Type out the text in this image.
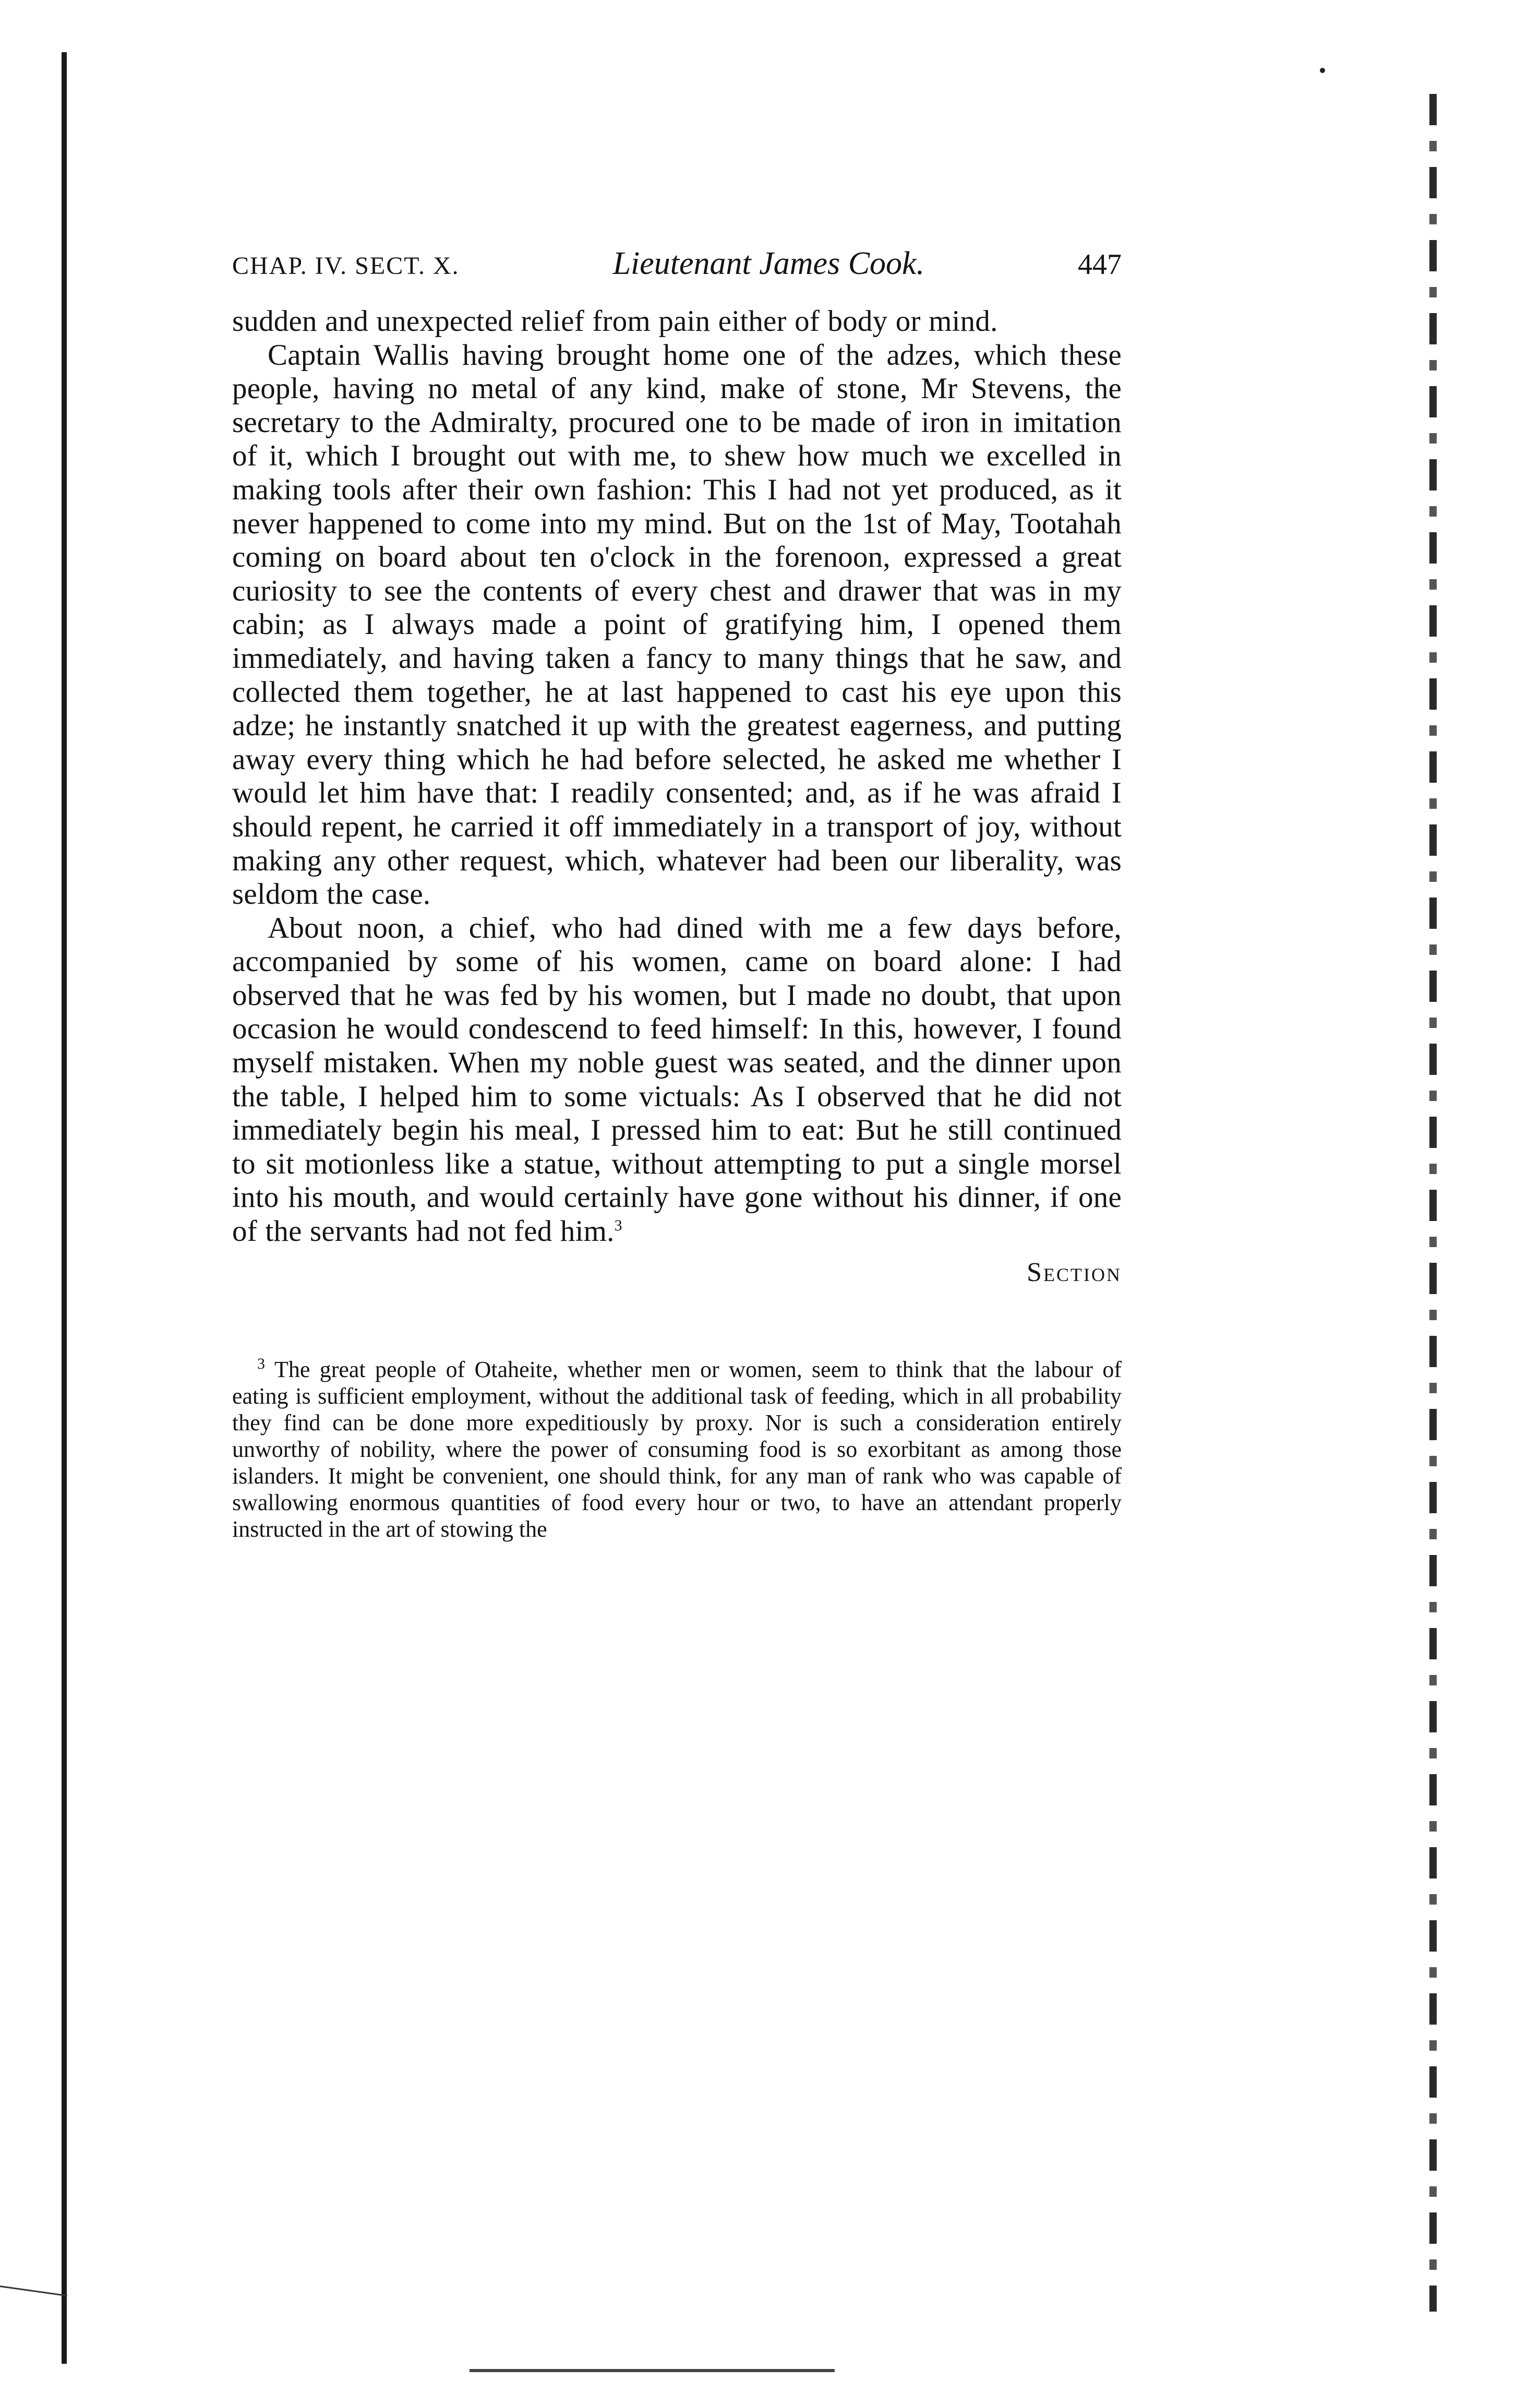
CHAP. IV. SECT. X.	Lieutenant James Cook.	447

sudden and unexpected relief from pain either of body or mind.

Captain Wallis having brought home one of the adzes, which these people, having no metal of any kind, make of stone, Mr Stevens, the secretary to the Admiralty, procured one to be made of iron in imitation of it, which I brought out with me, to shew how much we excelled in making tools after their own fashion: This I had not yet produced, as it never happened to come into my mind. But on the 1st of May, Tootahah coming on board about ten o'clock in the forenoon, expressed a great curiosity to see the contents of every chest and drawer that was in my cabin; as I always made a point of gratifying him, I opened them immediately, and having taken a fancy to many things that he saw, and collected them together, he at last happened to cast his eye upon this adze; he instantly snatched it up with the greatest eagerness, and putting away every thing which he had before selected, he asked me whether I would let him have that: I readily consented; and, as if he was afraid I should repent, he carried it off immediately in a transport of joy, without making any other request, which, whatever had been our liberality, was seldom the case.

About noon, a chief, who had dined with me a few days before, accompanied by some of his women, came on board alone: I had observed that he was fed by his women, but I made no doubt, that upon occasion he would condescend to feed himself: In this, however, I found myself mistaken. When my noble guest was seated, and the dinner upon the table, I helped him to some victuals: As I observed that he did not immediately begin his meal, I pressed him to eat: But he still continued to sit motionless like a statue, without attempting to put a single morsel into his mouth, and would certainly have gone without his dinner, if one of the servants had not fed him.$^3$

Section
$^3$ The great people of Otaheite, whether men or women, seem to think that the labour of eating is sufficient employment, without the additional task of feeding, which in all probability they find can be done more expeditiously by proxy. Nor is such a consideration entirely unworthy of nobility, where the power of consuming food is so exorbitant as among those islanders. It might be convenient, one should think, for any man of rank who was capable of swallowing enormous quantities of food every hour or two, to have an attendant properly instructed in the art of stowing the
